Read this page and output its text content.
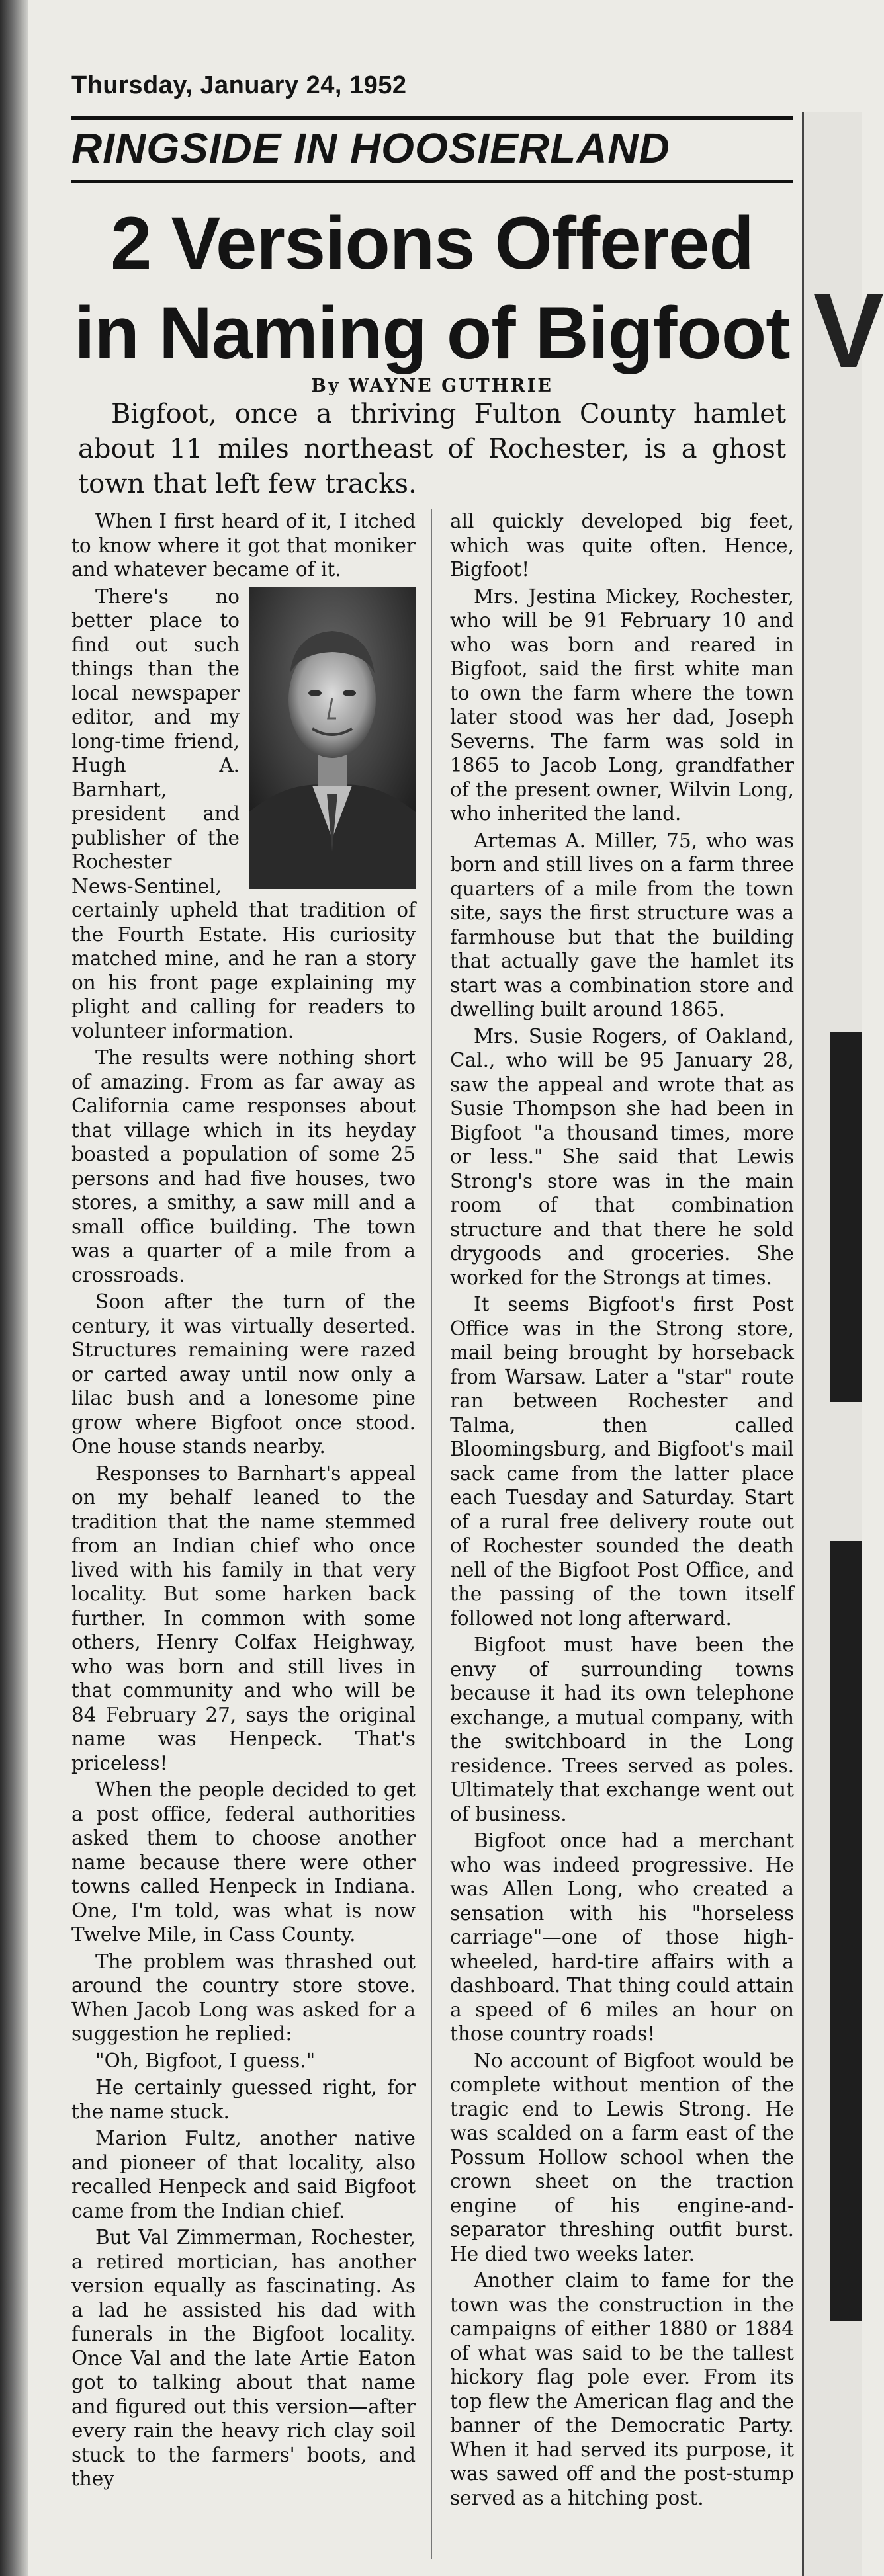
V
Thursday, January 24, 1952
RINGSIDE IN HOOSIERLAND
2 Versions Offered
in Naming of Bigfoot
By WAYNE GUTHRIE
Bigfoot, once a thriving Fulton County hamlet about 11 miles northeast of Rochester, is a ghost town that left few tracks.

When I first heard of it, I itched to know where it got that moniker and whatever became of it.

There's no better place to find out such things than the local newspaper editor, and my long-time friend, Hugh A. Barnhart, president and publisher of the Rochester News-Sentinel, certainly upheld that tradition of the Fourth Estate. His curiosity matched mine, and he ran a story on his front page explaining my plight and calling for readers to volunteer information.

The results were nothing short of amazing. From as far away as California came responses about that village which in its heyday boasted a population of some 25 persons and had five houses, two stores, a smithy, a saw mill and a small office building. The town was a quarter of a mile from a crossroads.

Soon after the turn of the century, it was virtually deserted. Structures remaining were razed or carted away until now only a lilac bush and a lonesome pine grow where Bigfoot once stood. One house stands nearby.

Responses to Barnhart's appeal on my behalf leaned to the tradition that the name stemmed from an Indian chief who once lived with his family in that very locality. But some harken back further. In common with some others, Henry Colfax Heighway, who was born and still lives in that community and who will be 84 February 27, says the original name was Henpeck. That's priceless!

When the people decided to get a post office, federal authorities asked them to choose another name because there were other towns called Henpeck in Indiana. One, I'm told, was what is now Twelve Mile, in Cass County.

The problem was thrashed out around the country store stove. When Jacob Long was asked for a suggestion he replied:

"Oh, Bigfoot, I guess."

He certainly guessed right, for the name stuck.

Marion Fultz, another native and pioneer of that locality, also recalled Henpeck and said Bigfoot came from the Indian chief.

But Val Zimmerman, Rochester, a retired mortician, has another version equally as fascinating. As a lad he assisted his dad with funerals in the Bigfoot locality. Once Val and the late Artie Eaton got to talking about that name and figured out this version—after every rain the heavy rich clay soil stuck to the farmers' boots, and they

all quickly developed big feet, which was quite often. Hence, Bigfoot!

Mrs. Jestina Mickey, Rochester, who will be 91 February 10 and who was born and reared in Bigfoot, said the first white man to own the farm where the town later stood was her dad, Joseph Severns. The farm was sold in 1865 to Jacob Long, grandfather of the present owner, Wilvin Long, who inherited the land.

Artemas A. Miller, 75, who was born and still lives on a farm three quarters of a mile from the town site, says the first structure was a farmhouse but that the building that actually gave the hamlet its start was a combination store and dwelling built around 1865.

Mrs. Susie Rogers, of Oakland, Cal., who will be 95 January 28, saw the appeal and wrote that as Susie Thompson she had been in Bigfoot "a thousand times, more or less." She said that Lewis Strong's store was in the main room of that combination structure and that there he sold drygoods and groceries. She worked for the Strongs at times.

It seems Bigfoot's first Post Office was in the Strong store, mail being brought by horseback from Warsaw. Later a "star" route ran between Rochester and Talma, then called Bloomingsburg, and Bigfoot's mail sack came from the latter place each Tuesday and Saturday. Start of a rural free delivery route out of Rochester sounded the death nell of the Bigfoot Post Office, and the passing of the town itself followed not long afterward.

Bigfoot must have been the envy of surrounding towns because it had its own telephone exchange, a mutual company, with the switchboard in the Long residence. Trees served as poles. Ultimately that exchange went out of business.

Bigfoot once had a merchant who was indeed progressive. He was Allen Long, who created a sensation with his "horseless carriage"—one of those high-wheeled, hard-tire affairs with a dashboard. That thing could attain a speed of 6 miles an hour on those country roads!

No account of Bigfoot would be complete without mention of the tragic end to Lewis Strong. He was scalded on a farm east of the Possum Hollow school when the crown sheet on the traction engine of his engine-and-separator threshing outfit burst. He died two weeks later.

Another claim to fame for the town was the construction in the campaigns of either 1880 or 1884 of what was said to be the tallest hickory flag pole ever. From its top flew the American flag and the banner of the Democratic Party. When it had served its purpose, it was sawed off and the post-stump served as a hitching post.
